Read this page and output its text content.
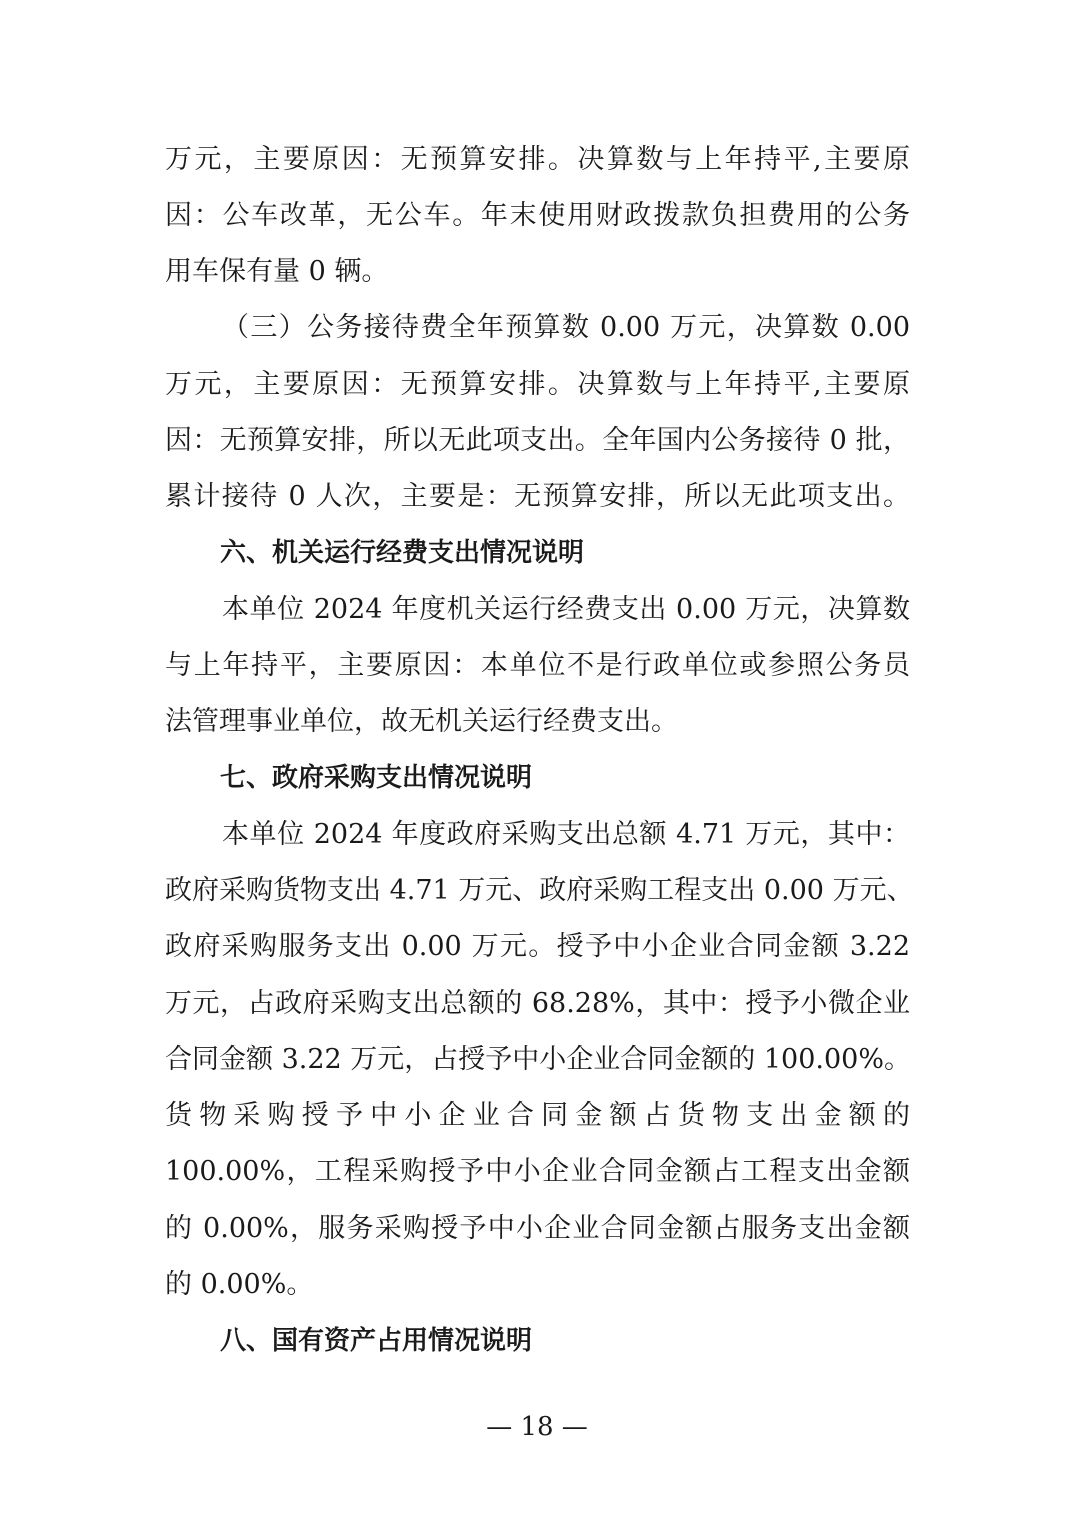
万元，主要原因：无预算安排。决算数与上年持平,主要原
因：公车改革，无公车。年末使用财政拨款负担费用的公务
用车保有量 0 辆。
（三）公务接待费全年预算数 0.00 万元，决算数 0.00
万元，主要原因：无预算安排。决算数与上年持平,主要原
因：无预算安排，所以无此项支出。全年国内公务接待 0 批，
累计接待 0 人次，主要是：无预算安排，所以无此项支出。
六、机关运行经费支出情况说明
本单位 2024 年度机关运行经费支出 0.00 万元，决算数
与上年持平，主要原因：本单位不是行政单位或参照公务员
法管理事业单位，故无机关运行经费支出。
七、政府采购支出情况说明
本单位 2024 年度政府采购支出总额 4.71 万元，其中：
政府采购货物支出 4.71 万元、政府采购工程支出 0.00 万元、
政府采购服务支出 0.00 万元。授予中小企业合同金额 3.22
万元，占政府采购支出总额的 68.28%，其中：授予小微企业
合同金额 3.22 万元，占授予中小企业合同金额的 100.00%。
货物采购授予中小企业合同金额占货物支出金额的
100.00%，工程采购授予中小企业合同金额占工程支出金额
的 0.00%，服务采购授予中小企业合同金额占服务支出金额
的 0.00%。
八、国有资产占用情况说明
— 18 —
